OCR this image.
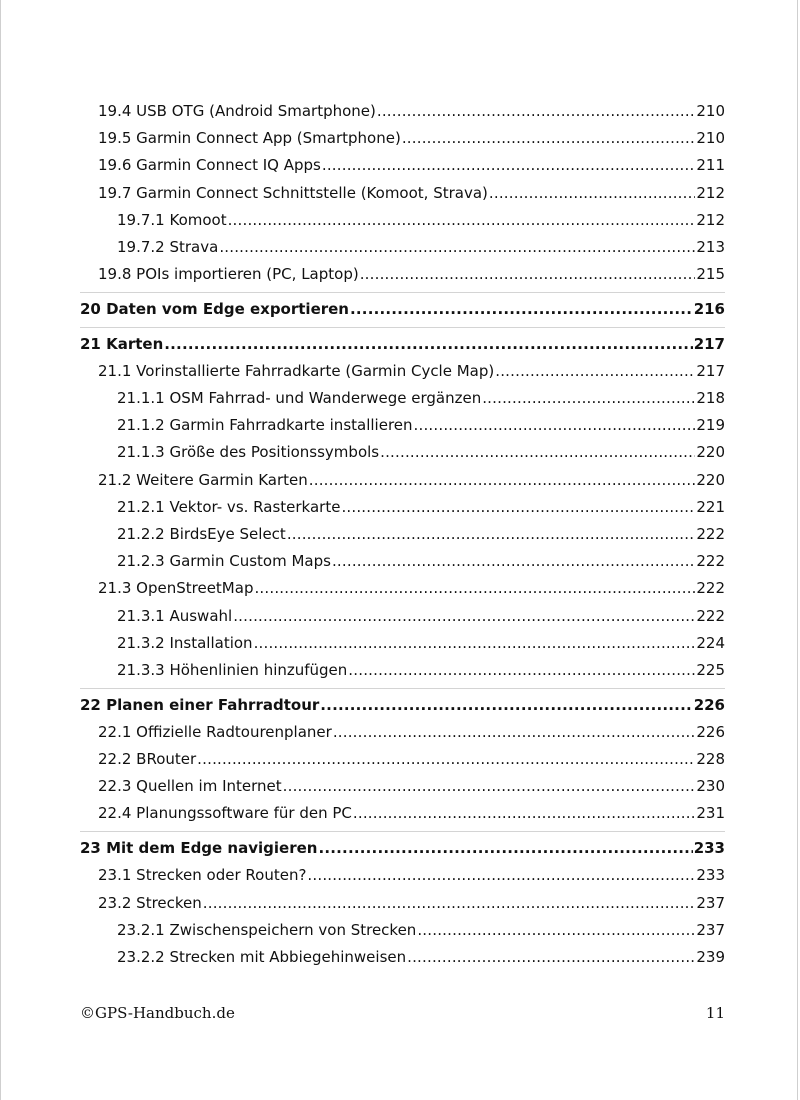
19.4 USB OTG (Android Smartphone) .....	210
19.5 Garmin Connect App (Smartphone) .....	210
19.6 Garmin Connect IQ Apps .....	211
19.7 Garmin Connect Schnittstelle (Komoot, Strava) .....	212
19.7.1 Komoot .....	212
19.7.2 Strava .....	213
19.8 POIs importieren (PC, Laptop) .....	215
20 Daten vom Edge exportieren .....	216
21 Karten .....	217
21.1 Vorinstallierte Fahrradkarte (Garmin Cycle Map) .....	217
21.1.1 OSM Fahrrad- und Wanderwege ergänzen .....	218
21.1.2 Garmin Fahrradkarte installieren .....	219
21.1.3 Größe des Positionssymbols .....	220
21.2 Weitere Garmin Karten .....	220
21.2.1 Vektor- vs. Rasterkarte .....	221
21.2.2 BirdsEye Select .....	222
21.2.3 Garmin Custom Maps .....	222
21.3 OpenStreetMap .....	222
21.3.1 Auswahl .....	222
21.3.2 Installation .....	224
21.3.3 Höhenlinien hinzufügen .....	225
22 Planen einer Fahrradtour .....	226
22.1 Offizielle Radtourenplaner .....	226
22.2 BRouter .....	228
22.3 Quellen im Internet .....	230
22.4 Planungssoftware für den PC .....	231
23 Mit dem Edge navigieren .....	233
23.1 Strecken oder Routen? .....	233
23.2 Strecken .....	237
23.2.1 Zwischenspeichern von Strecken .....	237
23.2.2 Strecken mit Abbiegehinweisen .....	239
©GPS-Handbuch.de	11
